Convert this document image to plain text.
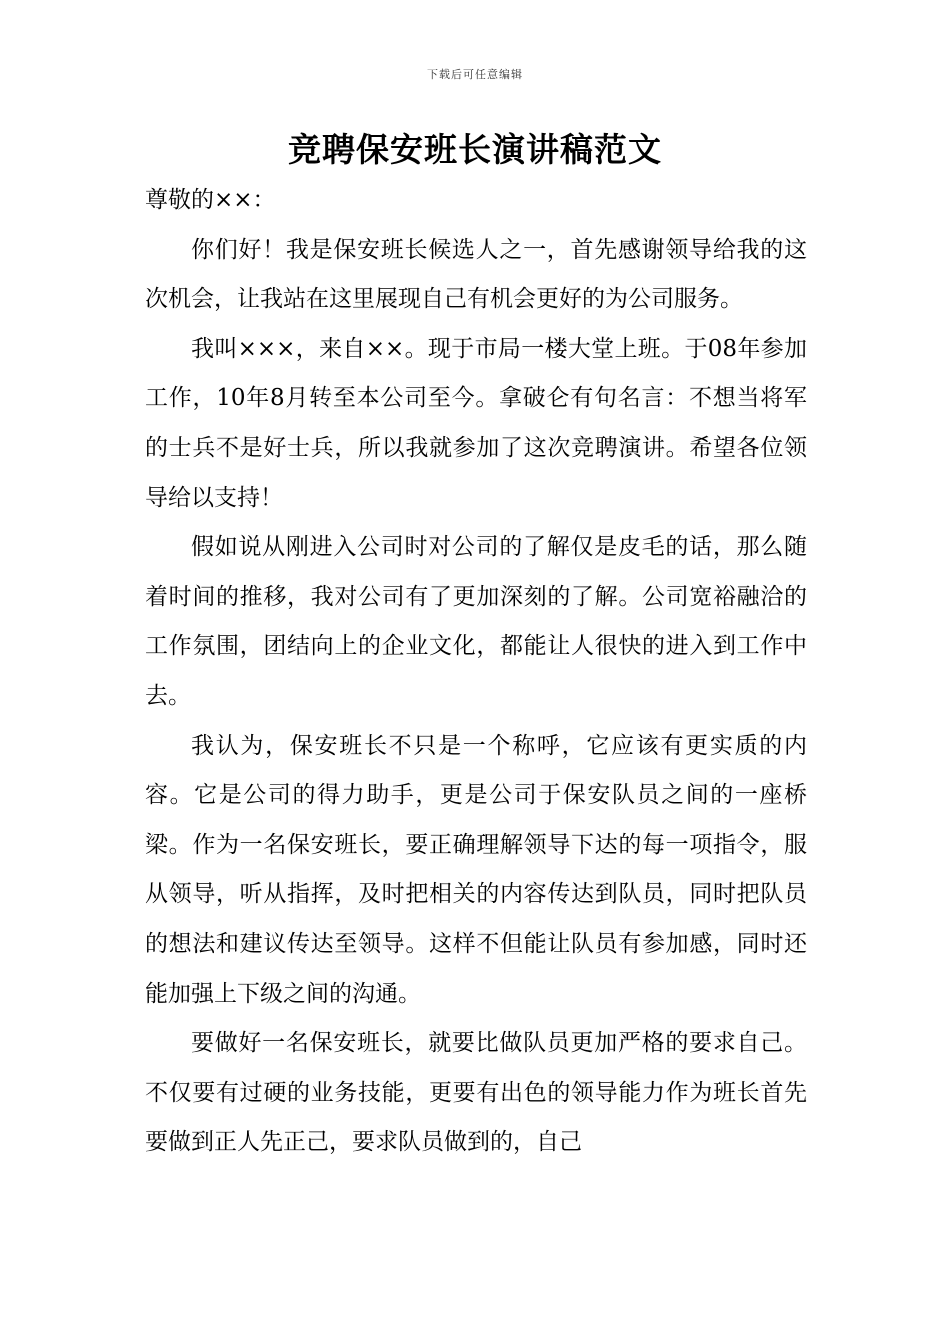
下载后可任意编辑
竞聘保安班长演讲稿范文

尊敬的××：

你们好！我是保安班长候选人之一，首先感谢领导给我的这次机会，让我站在这里展现自己有机会更好的为公司服务。

我叫×××，来自××。现于市局一楼大堂上班。于08年参加工作，10年8月转至本公司至今。拿破仑有句名言：不想当将军的士兵不是好士兵，所以我就参加了这次竞聘演讲。希望各位领导给以支持！

假如说从刚进入公司时对公司的了解仅是皮毛的话，那么随着时间的推移，我对公司有了更加深刻的了解。公司宽裕融洽的工作氛围，团结向上的企业文化，都能让人很快的进入到工作中去。

我认为，保安班长不只是一个称呼，它应该有更实质的内容。它是公司的得力助手，更是公司于保安队员之间的一座桥梁。作为一名保安班长，要正确理解领导下达的每一项指令，服从领导，听从指挥，及时把相关的内容传达到队员，同时把队员的想法和建议传达至领导。这样不但能让队员有参加感，同时还能加强上下级之间的沟通。

要做好一名保安班长，就要比做队员更加严格的要求自己。不仅要有过硬的业务技能，更要有出色的领导能力作为班长首先要做到正人先正己，要求队员做到的，自己
